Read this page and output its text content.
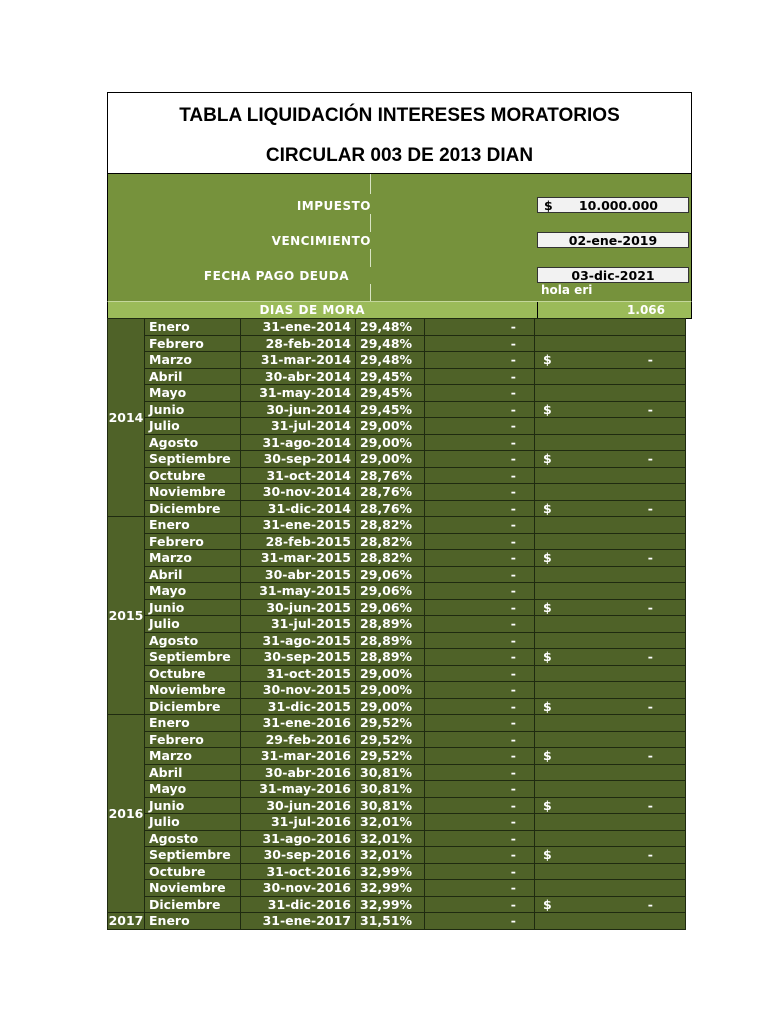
TABLA LIQUIDACIÓN INTERESES MORATORIOS
CIRCULAR 003 DE 2013 DIAN
IMPUESTO	$ 10.000.000
VENCIMIENTO	02-ene-2019
FECHA PAGO DEUDA	03-dic-2021
hola eri
DIAS DE MORA	1.066
2014	Enero	31-ene-2014	29,48%	-	
	Febrero	28-feb-2014	29,48%	-	
	Marzo	31-mar-2014	29,48%	-	$ -

	Abril	30-abr-2014	29,45%	-	
	Mayo	31-may-2014	29,45%	-	
	Junio	30-jun-2014	29,45%	-	$ -

	Julio	31-jul-2014	29,00%	-	
	Agosto	31-ago-2014	29,00%	-	
	Septiembre	30-sep-2014	29,00%	-	$ -

	Octubre	31-oct-2014	28,76%	-	
	Noviembre	30-nov-2014	28,76%	-	
	Diciembre	31-dic-2014	28,76%	-	$ -

2015	Enero	31-ene-2015	28,82%	-	
	Febrero	28-feb-2015	28,82%	-	
	Marzo	31-mar-2015	28,82%	-	$ -

	Abril	30-abr-2015	29,06%	-	
	Mayo	31-may-2015	29,06%	-	
	Junio	30-jun-2015	29,06%	-	$ -

	Julio	31-jul-2015	28,89%	-	
	Agosto	31-ago-2015	28,89%	-	
	Septiembre	30-sep-2015	28,89%	-	$ -

	Octubre	31-oct-2015	29,00%	-	
	Noviembre	30-nov-2015	29,00%	-	
	Diciembre	31-dic-2015	29,00%	-	$ -

2016	Enero	31-ene-2016	29,52%	-	
	Febrero	29-feb-2016	29,52%	-	
	Marzo	31-mar-2016	29,52%	-	$ -

	Abril	30-abr-2016	30,81%	-	
	Mayo	31-may-2016	30,81%	-	
	Junio	30-jun-2016	30,81%	-	$ -

	Julio	31-jul-2016	32,01%	-	
	Agosto	31-ago-2016	32,01%	-	
	Septiembre	30-sep-2016	32,01%	-	$ -

	Octubre	31-oct-2016	32,99%	-	
	Noviembre	30-nov-2016	32,99%	-	
	Diciembre	31-dic-2016	32,99%	-	$ -

2017	Enero	31-ene-2017	31,51%	-	
